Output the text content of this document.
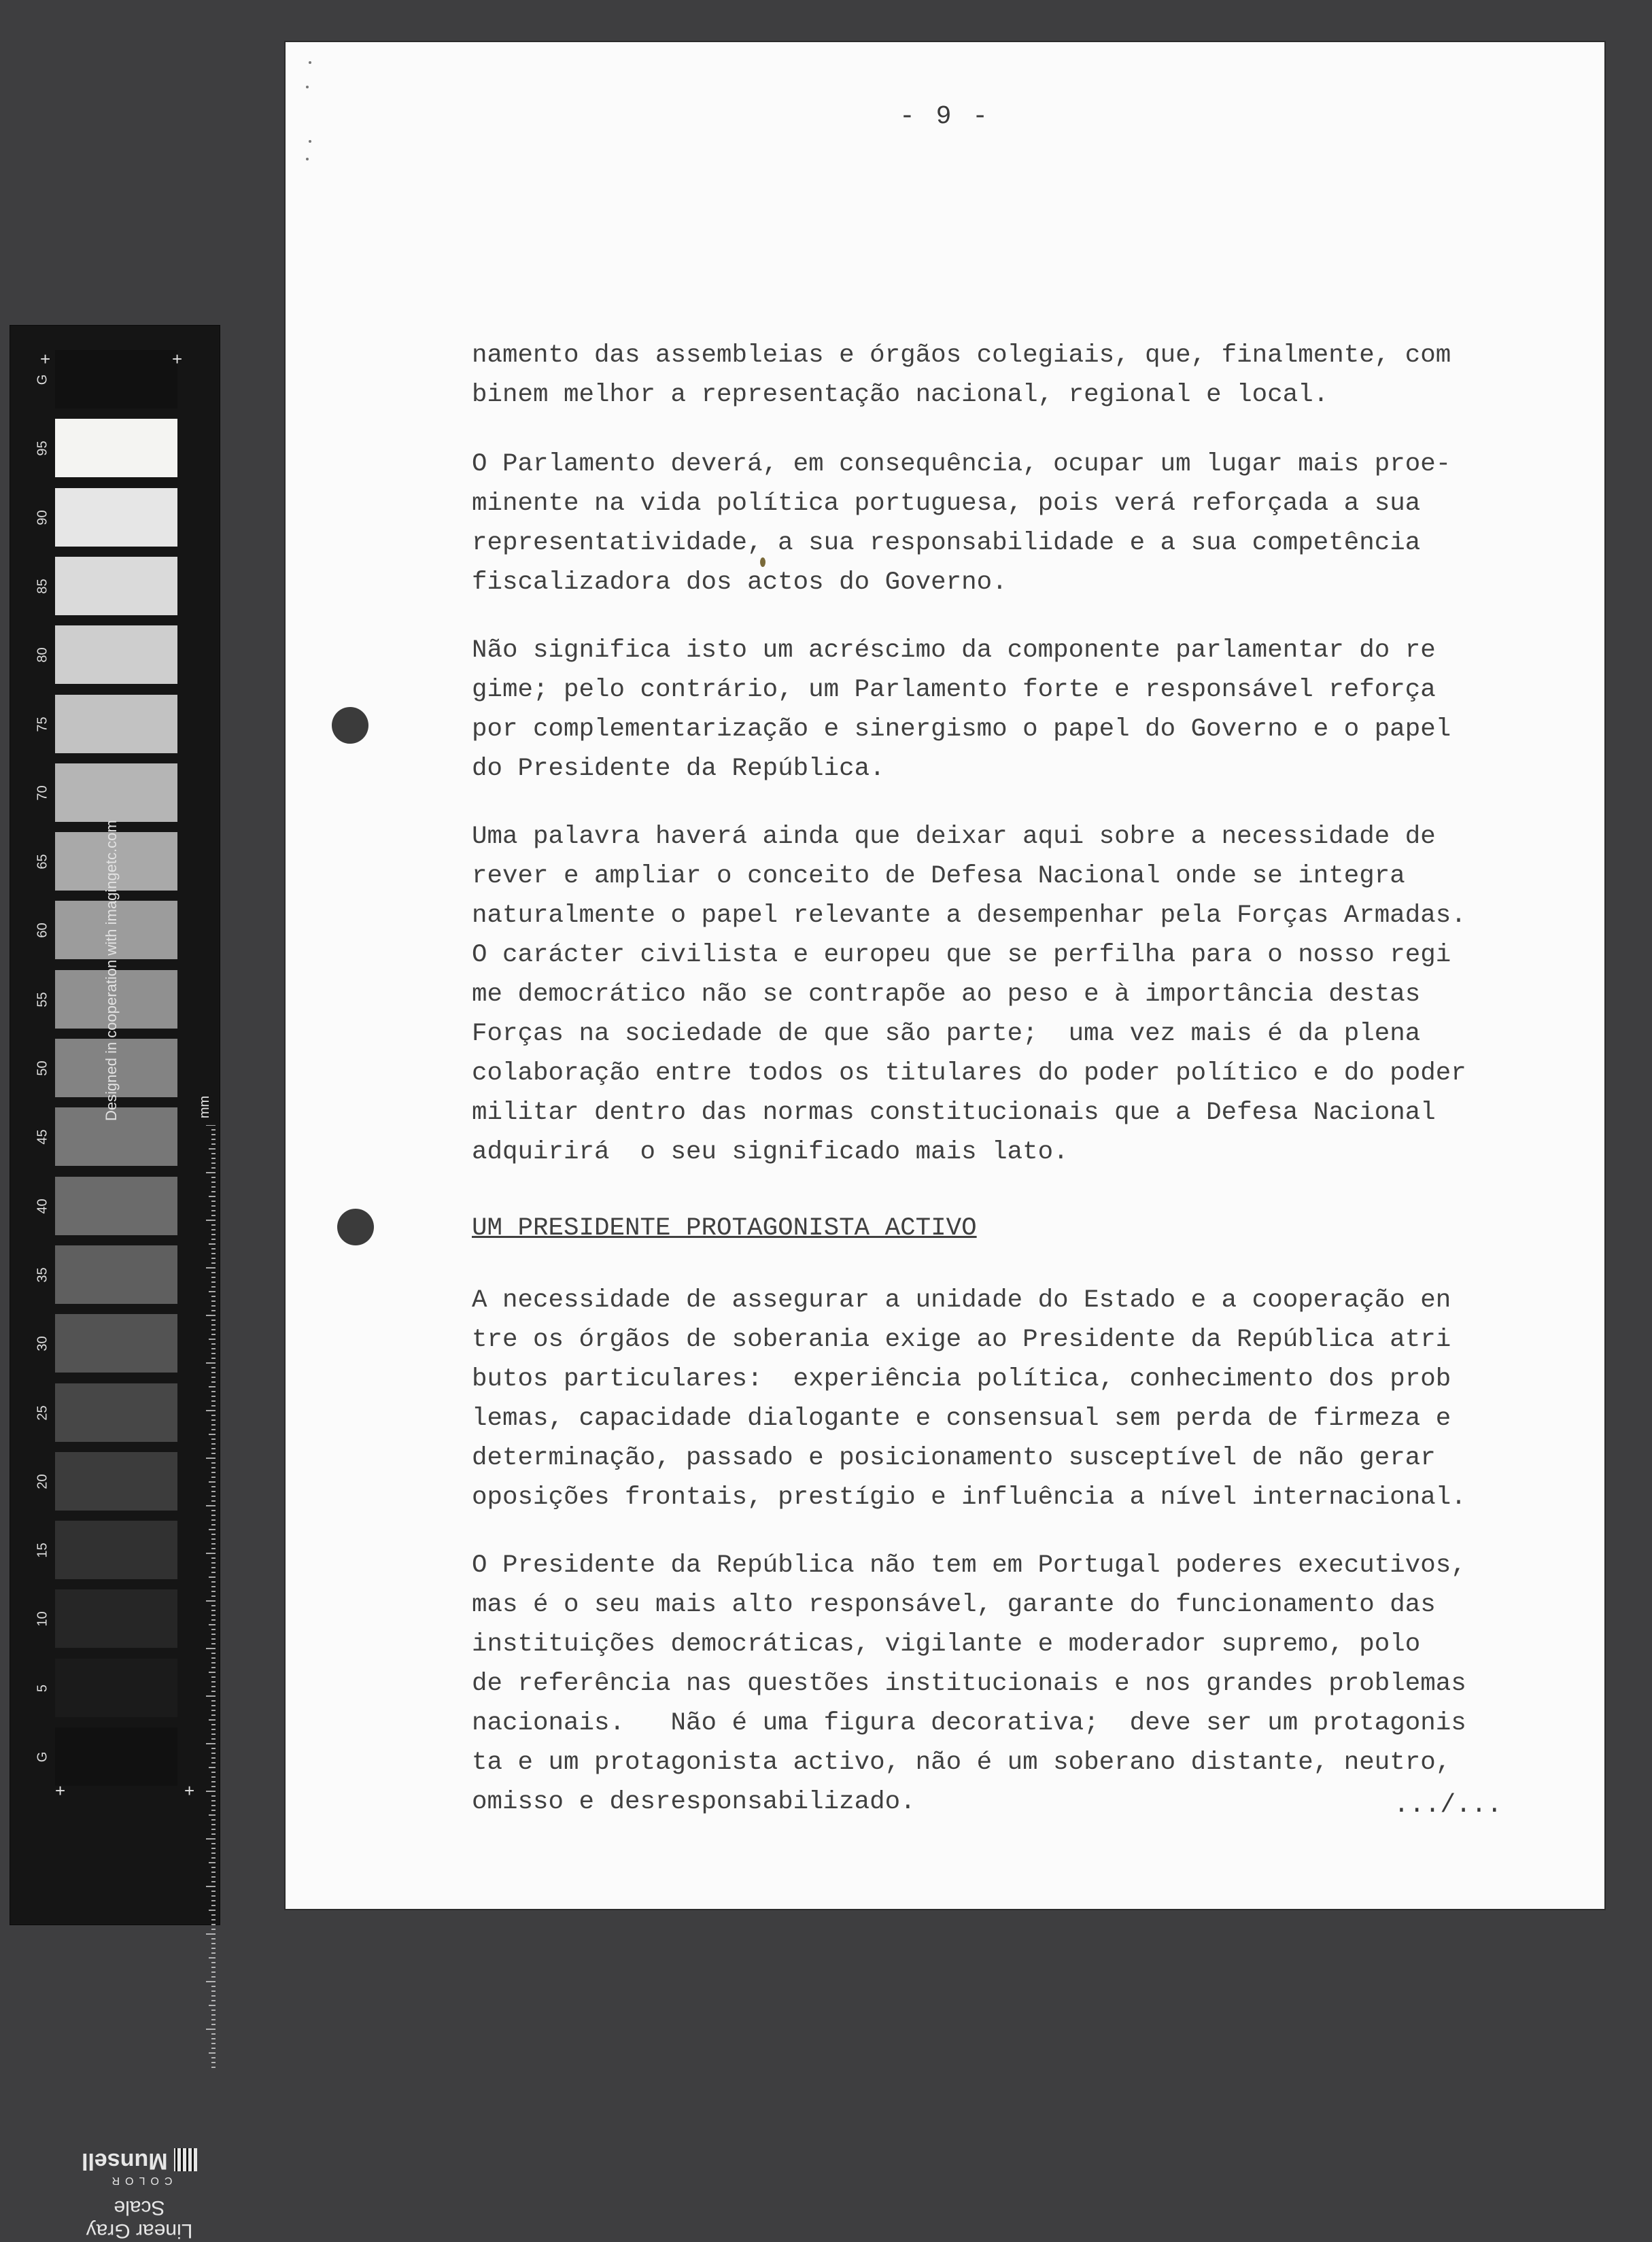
G
95
90
85
80
75
70
65
60
55
50
45
40
35
30
25
20
15
10
5
G
+	+
+	+
Designed in cooperation with imagingetc.com	mm
Linear Gray Scale
COLOR
Munsell
- 9 -
namento das assembleias e órgãos colegiais, que, finalmente, com
binem melhor a representação nacional, regional e local.
O Parlamento deverá, em consequência, ocupar um lugar mais proe-
minente na vida política portuguesa, pois verá reforçada a sua
representatividade, a sua responsabilidade e a sua competência
fiscalizadora dos actos do Governo.
Não significa isto um acréscimo da componente parlamentar do re
gime; pelo contrário, um Parlamento forte e responsável reforça
por complementarização e sinergismo o papel do Governo e o papel
do Presidente da República.
Uma palavra haverá ainda que deixar aqui sobre a necessidade de
rever e ampliar o conceito de Defesa Nacional onde se integra
naturalmente o papel relevante a desempenhar pela Forças Armadas.
O carácter civilista e europeu que se perfilha para o nosso regi
me democrático não se contrapõe ao peso e à importância destas
Forças na sociedade de que são parte;  uma vez mais é da plena
colaboração entre todos os titulares do poder político e do poder
militar dentro das normas constitucionais que a Defesa Nacional
adquirirá  o seu significado mais lato.
UM PRESIDENTE PROTAGONISTA ACTIVO
A necessidade de assegurar a unidade do Estado e a cooperação en
tre os órgãos de soberania exige ao Presidente da República atri
butos particulares:  experiência política, conhecimento dos prob
lemas, capacidade dialogante e consensual sem perda de firmeza e
determinação, passado e posicionamento susceptível de não gerar
oposições frontais, prestígio e influência a nível internacional.
O Presidente da República não tem em Portugal poderes executivos,
mas é o seu mais alto responsável, garante do funcionamento das
instituições democráticas, vigilante e moderador supremo, polo
de referência nas questões institucionais e nos grandes problemas
nacionais.   Não é uma figura decorativa;  deve ser um protagonis
ta e um protagonista activo, não é um soberano distante, neutro,
omisso e desresponsabilizado.	.../...
